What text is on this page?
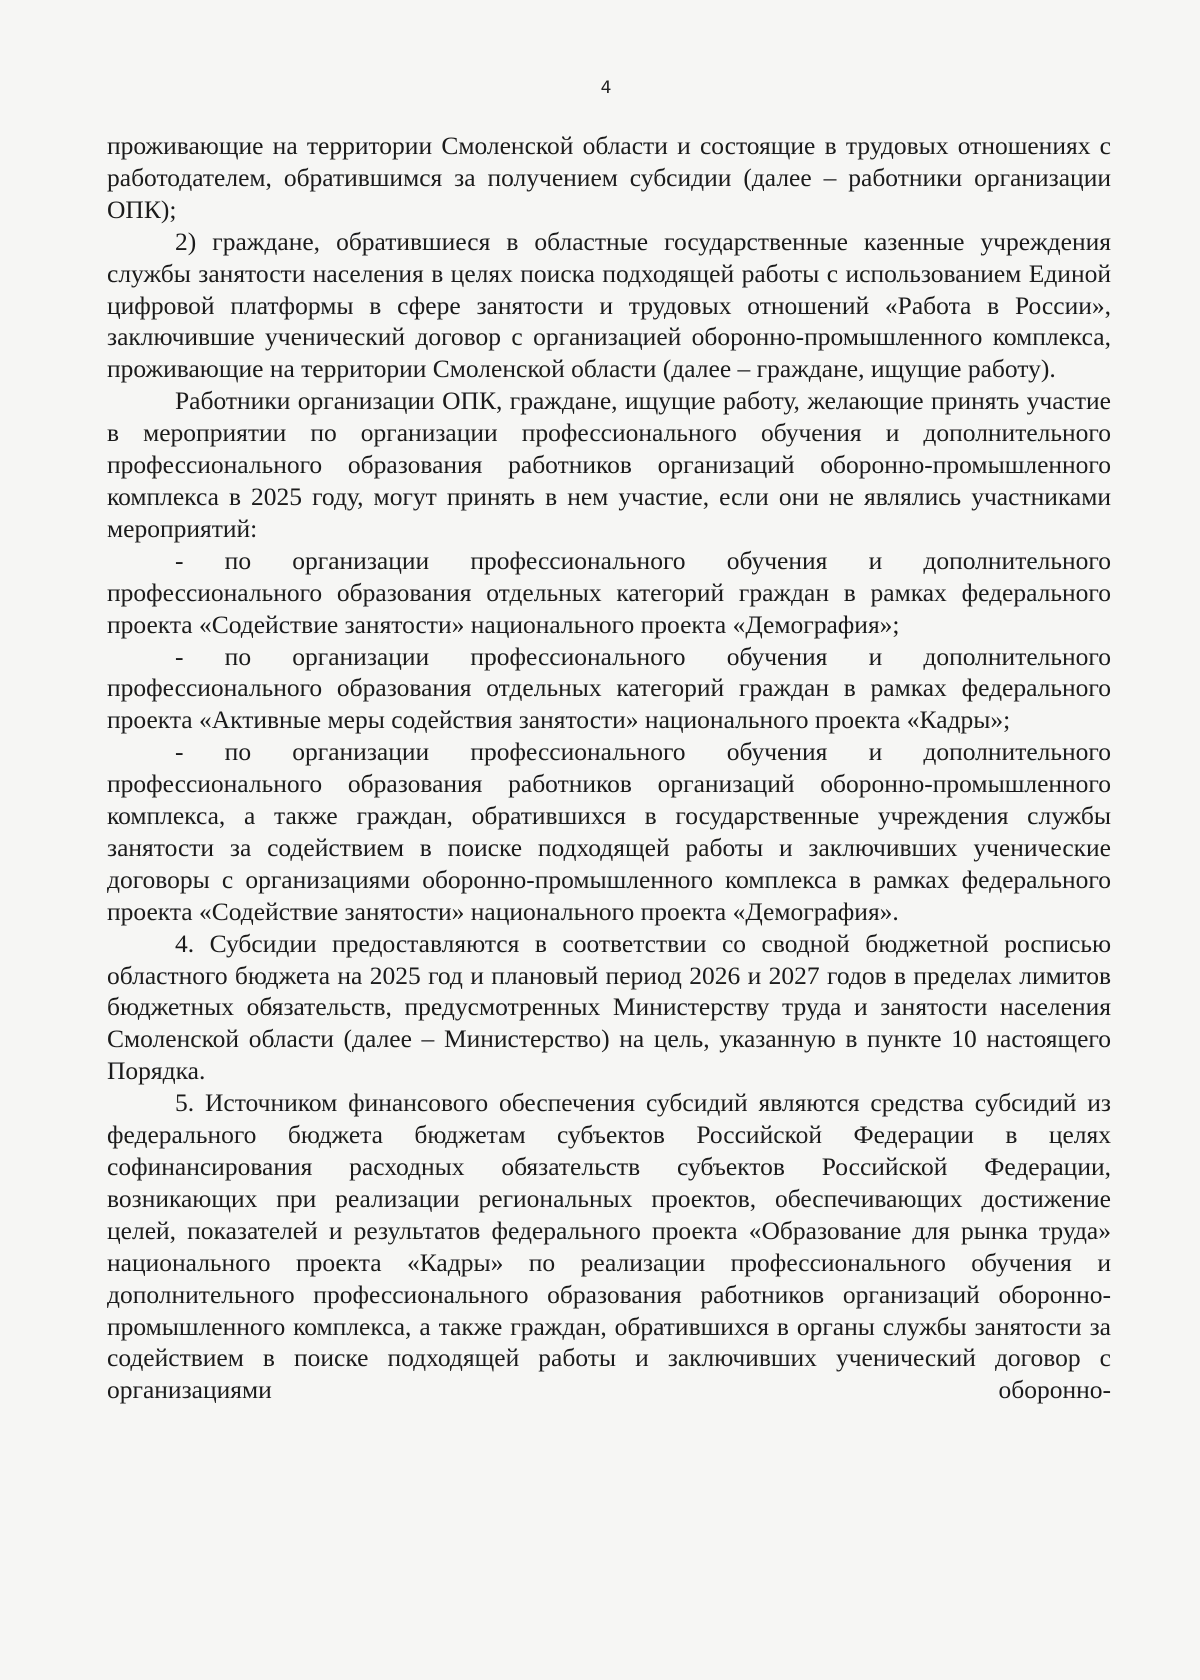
4

проживающие на территории Смоленской области и состоящие в трудовых отношениях с работодателем, обратившимся за получением субсидии (далее – работники организации ОПК);

2) граждане, обратившиеся в областные государственные казенные учреждения службы занятости населения в целях поиска подходящей работы с использованием Единой цифровой платформы в сфере занятости и трудовых отношений «Работа в России», заключившие ученический договор с организацией оборонно-промышленного комплекса, проживающие на территории Смоленской области (далее – граждане, ищущие работу).

Работники организации ОПК, граждане, ищущие работу, желающие принять участие в мероприятии по организации профессионального обучения и дополнительного профессионального образования работников организаций оборонно-промышленного комплекса в 2025 году, могут принять в нем участие, если они не являлись участниками мероприятий:

- по организации профессионального обучения и дополнительного профессионального образования отдельных категорий граждан в рамках федерального проекта «Содействие занятости» национального проекта «Демография»;

- по организации профессионального обучения и дополнительного профессионального образования отдельных категорий граждан в рамках федерального проекта «Активные меры содействия занятости» национального проекта «Кадры»;

- по организации профессионального обучения и дополнительного профессионального образования работников организаций оборонно-промышленного комплекса, а также граждан, обратившихся в государственные учреждения службы занятости за содействием в поиске подходящей работы и заключивших ученические договоры с организациями оборонно-промышленного комплекса в рамках федерального проекта «Содействие занятости» национального проекта «Демография».

4. Субсидии предоставляются в соответствии со сводной бюджетной росписью областного бюджета на 2025 год и плановый период 2026 и 2027 годов в пределах лимитов бюджетных обязательств, предусмотренных Министерству труда и занятости населения Смоленской области (далее – Министерство) на цель, указанную в пункте 10 настоящего Порядка.

5. Источником финансового обеспечения субсидий являются средства субсидий из федерального бюджета бюджетам субъектов Российской Федерации в целях софинансирования расходных обязательств субъектов Российской Федерации, возникающих при реализации региональных проектов, обеспечивающих достижение целей, показателей и результатов федерального проекта «Образование для рынка труда» национального проекта «Кадры» по реализации профессионального обучения и дополнительного профессионального образования работников организаций оборонно-промышленного комплекса, а также граждан, обратившихся в органы службы занятости за содействием в поиске подходящей работы и заключивших ученический договор с организациями оборонно-
